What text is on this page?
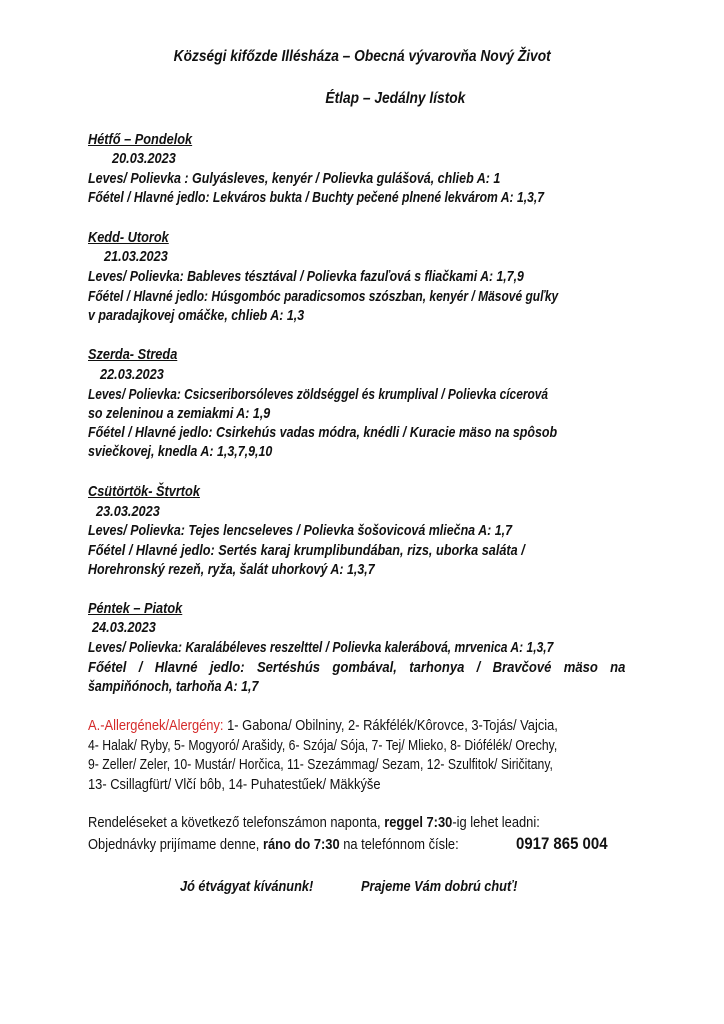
Községi kifőzde Illésháza – Obecná vývarovňa Nový Život
Étlap – Jedálny lístok
Hétfő – Pondelok
20.03.2023
Leves/ Polievka : Gulyásleves, kenyér / Polievka gulášová, chlieb A: 1
Főétel / Hlavné jedlo: Lekváros bukta / Buchty pečené plnené lekvárom A: 1,3,7
Kedd- Utorok
21.03.2023
Leves/ Polievka: Bableves tésztával / Polievka fazuľová s fliačkami A: 1,7,9
Főétel / Hlavné jedlo: Húsgombóc paradicsomos szószban, kenyér / Mäsové guľky
v paradajkovej omáčke, chlieb A: 1,3
Szerda- Streda
22.03.2023
Leves/ Polievka: Csicseriborsóleves zöldséggel és krumplival / Polievka cícerová
so zeleninou a zemiakmi A: 1,9
Főétel / Hlavné jedlo: Csirkehús vadas módra, knédli / Kuracie mäso na spôsob
sviečkovej, knedla A: 1,3,7,9,10
Csütörtök- Štvrtok
23.03.2023
Leves/ Polievka: Tejes lencseleves / Polievka šošovicová mliečna A: 1,7
Főétel / Hlavné jedlo: Sertés karaj krumplibundában, rizs, uborka saláta /
Horehronský rezeň, ryža, šalát uhorkový A: 1,3,7
Péntek – Piatok
24.03.2023
Leves/ Polievka: Karalábéleves reszelttel / Polievka kalerábová, mrvenica A: 1,3,7
Főétel / Hlavné jedlo: Sertéshús gombával, tarhonya / Bravčové mäso na
šampiňónoch, tarhoňa A: 1,7
A.-Allergének/Alergény: 1- Gabona/ Obilniny, 2- Rákfélék/Kôrovce, 3-Tojás/ Vajcia,
4- Halak/ Ryby, 5- Mogyoró/ Arašidy, 6- Szója/ Sója, 7- Tej/ Mlieko, 8- Diófélék/ Orechy,
9- Zeller/ Zeler, 10- Mustár/ Horčica, 11- Szezámmag/ Sezam, 12- Szulfitok/ Siričitany,
13- Csillagfürt/ Vlčí bôb, 14- Puhatestűek/ Mäkkýše
Rendeléseket a következő telefonszámon naponta, reggel 7:30-ig lehet leadni:
Objednávky prijímame denne, ráno do 7:30 na telefónnom čísle:	0917 865 004
Jó étvágyat kívánunk!	Prajeme Vám dobrú chuť!
